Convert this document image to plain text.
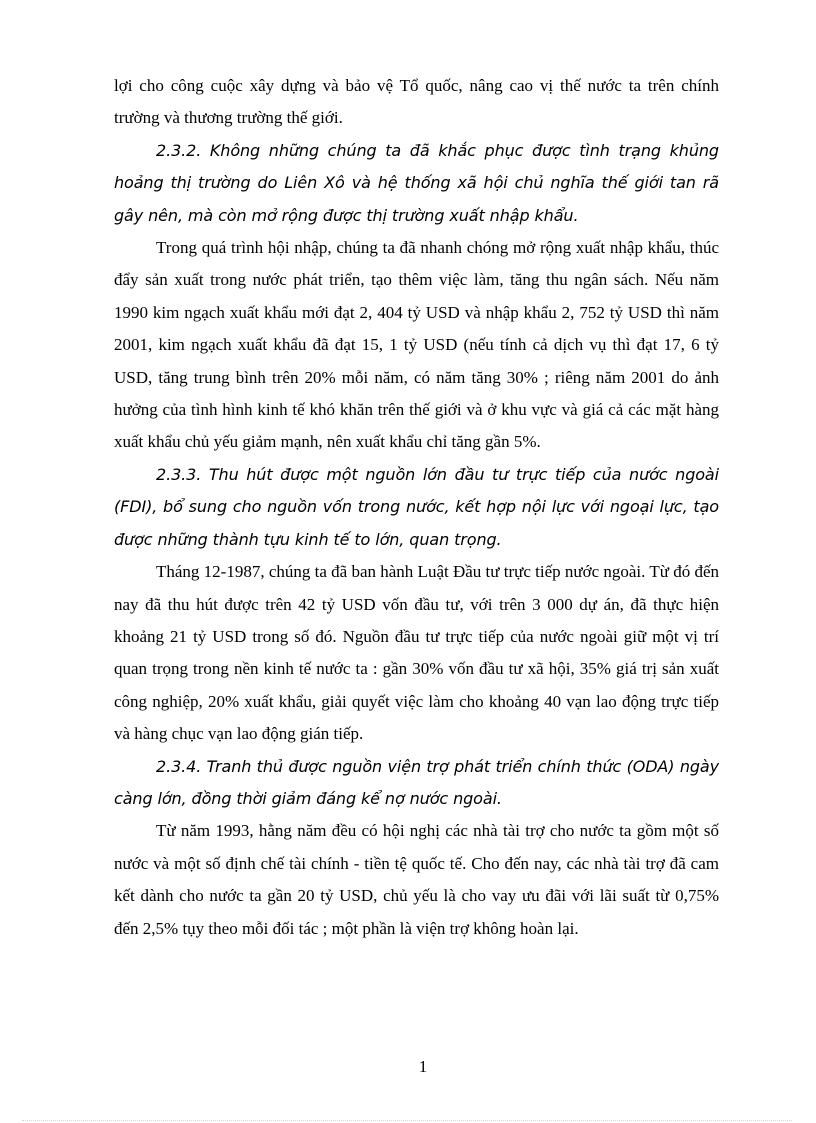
lợi cho công cuộc xây dựng và bảo vệ Tổ quốc, nâng cao vị thế nước ta trên chính trường và thương trường thế giới.

2.3.2. Không những chúng ta đã khắc phục được tình trạng khủng hoảng thị trường do Liên Xô và hệ thống xã hội chủ nghĩa thế giới tan rã gây nên, mà còn mở rộng được thị trường xuất nhập khẩu.

Trong quá trình hội nhập, chúng ta đã nhanh chóng mở rộng xuất nhập khẩu, thúc đẩy sản xuất trong nước phát triển, tạo thêm việc làm, tăng thu ngân sách. Nếu năm 1990 kim ngạch xuất khẩu mới đạt 2, 404 tỷ USD và nhập khẩu 2, 752 tỷ USD thì năm 2001, kim ngạch xuất khẩu đã đạt 15, 1 tỷ USD (nếu tính cả dịch vụ thì đạt 17, 6 tỷ USD, tăng trung bình trên 20% mỗi năm, có năm tăng 30% ; riêng năm 2001 do ảnh hưởng của tình hình kinh tế khó khăn trên thế giới và ở khu vực và giá cả các mặt hàng xuất khẩu chủ yếu giảm mạnh, nên xuất khẩu chỉ tăng gần 5%.

2.3.3. Thu hút được một nguồn lớn đầu tư trực tiếp của nước ngoài (FDI), bổ sung cho nguồn vốn trong nước, kết hợp nội lực với ngoại lực, tạo được những thành tựu kinh tế to lớn, quan trọng.

Tháng 12-1987, chúng ta đã ban hành Luật Đầu tư trực tiếp nước ngoài. Từ đó đến nay đã thu hút được trên 42 tỷ USD vốn đầu tư, với trên 3 000 dự án, đã thực hiện khoảng 21 tỷ USD trong số đó. Nguồn đầu tư trực tiếp của nước ngoài giữ một vị trí quan trọng trong nền kinh tế nước ta : gần 30% vốn đầu tư xã hội, 35% giá trị sản xuất công nghiệp, 20% xuất khẩu, giải quyết việc làm cho khoảng 40 vạn lao động trực tiếp và hàng chục vạn lao động gián tiếp.

2.3.4. Tranh thủ được nguồn viện trợ phát triển chính thức (ODA) ngày càng lớn, đồng thời giảm đáng kể nợ nước ngoài.

Từ năm 1993, hằng năm đều có hội nghị các nhà tài trợ cho nước ta gồm một số nước và một số định chế tài chính - tiền tệ quốc tế. Cho đến nay, các nhà tài trợ đã cam kết dành cho nước ta gần 20 tỷ USD, chủ yếu là cho vay ưu đãi với lãi suất từ 0,75% đến 2,5% tụy theo mỗi đối tác ; một phần là viện trợ không hoàn lại.

1
